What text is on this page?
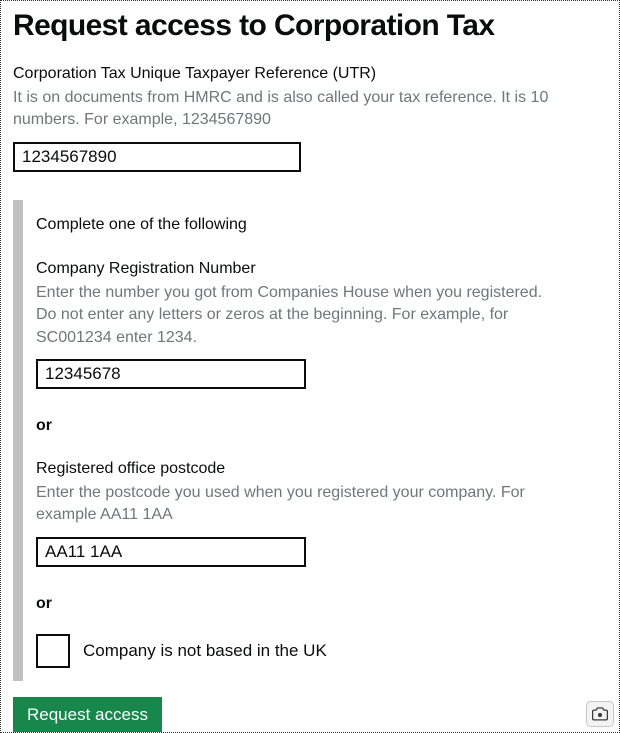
Request access to Corporation Tax
Corporation Tax Unique Taxpayer Reference (UTR)
It is on documents from HMRC and is also called your tax reference. It is 10 numbers. For example, 1234567890
1234567890
Complete one of the following
Company Registration Number
Enter the number you got from Companies House when you registered. Do not enter any letters or zeros at the beginning. For example, for SC001234 enter 1234.
12345678
or
Registered office postcode
Enter the postcode you used when you registered your company. For example AA11 1AA
AA11 1AA
or
Company is not based in the UK
Request access
